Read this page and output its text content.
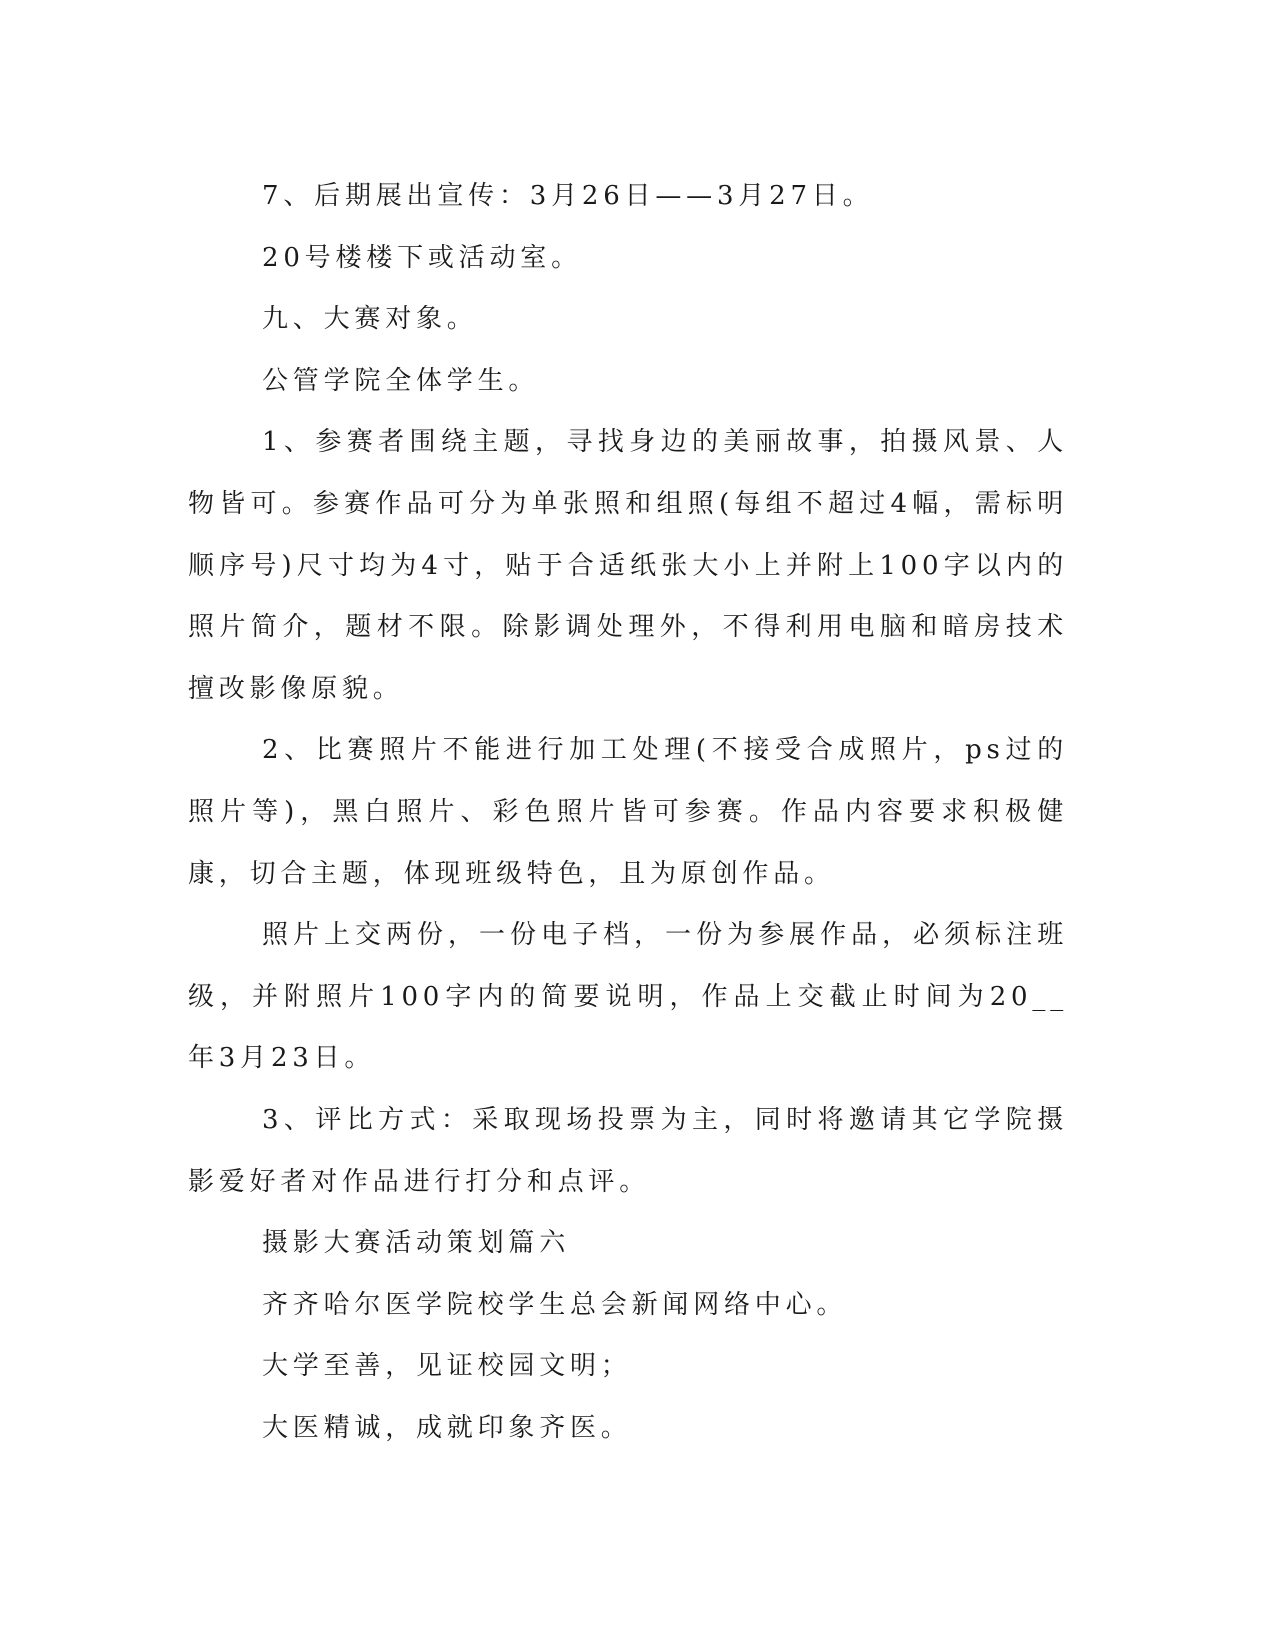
7、后期展出宣传：3月26日——3月27日。

20号楼楼下或活动室。

九、大赛对象。

公管学院全体学生。

1、参赛者围绕主题，寻找身边的美丽故事，拍摄风景、人物皆可。参赛作品可分为单张照和组照(每组不超过4幅，需标明顺序号)尺寸均为4寸，贴于合适纸张大小上并附上100字以内的照片简介，题材不限。除影调处理外，不得利用电脑和暗房技术擅改影像原貌。

2、比赛照片不能进行加工处理(不接受合成照片，ps过的照片等)，黑白照片、彩色照片皆可参赛。作品内容要求积极健康，切合主题，体现班级特色，且为原创作品。

照片上交两份，一份电子档，一份为参展作品，必须标注班级，并附照片100字内的简要说明，作品上交截止时间为20__年3月23日。

3、评比方式：采取现场投票为主，同时将邀请其它学院摄影爱好者对作品进行打分和点评。

摄影大赛活动策划篇六

齐齐哈尔医学院校学生总会新闻网络中心。

大学至善，见证校园文明；

大医精诚，成就印象齐医。
